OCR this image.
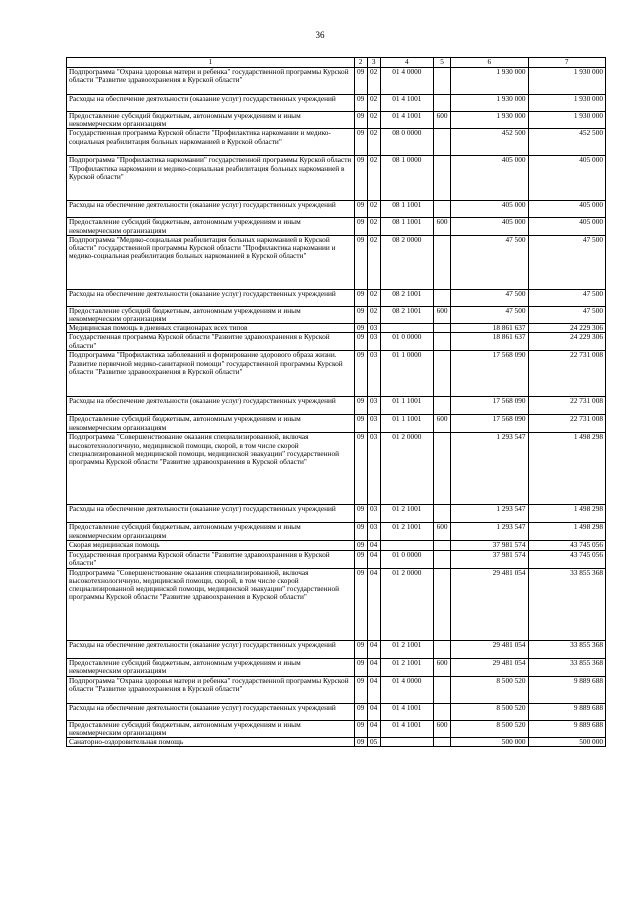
36
1	2	3	4	5	6	7
Подпрограмма "Охрана здоровья матери и ребенка" государственной программы Курской области "Развитие здравоохранения в Курской области"	09	02	01 4 0000		1 930 000	1 930 000
Расходы на обеспечение деятельности (оказание услуг) государственных учреждений	09	02	01 4 1001		1 930 000	1 930 000
Предоставление субсидий бюджетным, автономным учреждениям и иным некоммерческим организациям	09	02	01 4 1001	600	1 930 000	1 930 000
Государственная программа Курской области "Профилактика наркомании и медико-социальная реабилитация больных наркоманией в Курской области"	09	02	08 0 0000		452 500	452 500
Подпрограмма "Профилактика наркомании" государственной программы Курской области "Профилактика наркомании и медико-социальная реабилитация больных наркоманией в Курской области"	09	02	08 1 0000		405 000	405 000
Расходы на обеспечение деятельности (оказание услуг) государственных учреждений	09	02	08 1 1001		405 000	405 000
Предоставление субсидий бюджетным, автономным учреждениям и иным некоммерческим организациям	09	02	08 1 1001	600	405 000	405 000
Подпрограмма "Медико-социальная реабилитация больных наркоманией в Курской области" государственной программы Курской области "Профилактика наркомании и медико-социальная реабилитация больных наркоманией в Курской области"	09	02	08 2 0000		47 500	47 500
Расходы на обеспечение деятельности (оказание услуг) государственных учреждений	09	02	08 2 1001		47 500	47 500
Предоставление субсидий бюджетным, автономным учреждениям и иным некоммерческим организациям	09	02	08 2 1001	600	47 500	47 500
Медицинская помощь в дневных стационарах всех типов	09	03			18 861 637	24 229 306
Государственная программа Курской области "Развитие здравоохранения в Курской области"	09	03	01 0 0000		18 861 637	24 229 306
Подпрограмма "Профилактика заболеваний и формирование здорового образа жизни. Развитие первичной медико-санитарной помощи" государственной программы Курской области "Развитие здравоохранения в Курской области"	09	03	01 1 0000		17 568 090	22 731 008
Расходы на обеспечение деятельности (оказание услуг) государственных учреждений	09	03	01 1 1001		17 568 090	22 731 008
Предоставление субсидий бюджетным, автономным учреждениям и иным некоммерческим организациям	09	03	01 1 1001	600	17 568 090	22 731 008
Подпрограмма "Совершенствование оказания специализированной, включая высокотехнологичную, медицинской помощи, скорой, в том числе скорой специализированной медицинской помощи, медицинской эвакуации" государственной программы Курской области "Развитие здравоохранения в Курской области"	09	03	01 2 0000		1 293 547	1 498 298
Расходы на обеспечение деятельности (оказание услуг) государственных учреждений	09	03	01 2 1001		1 293 547	1 498 298
Предоставление субсидий бюджетным, автономным учреждениям и иным некоммерческим организациям	09	03	01 2 1001	600	1 293 547	1 498 298
Скорая медицинская помощь	09	04			37 981 574	43 745 056
Государственная программа Курской области "Развитие здравоохранения в Курской области"	09	04	01 0 0000		37 981 574	43 745 056
Подпрограмма "Совершенствование оказания специализированной, включая высокотехнологичную, медицинской помощи, скорой, в том числе скорой специализированной медицинской помощи, медицинской эвакуации" государственной программы Курской области "Развитие здравоохранения в Курской области"	09	04	01 2 0000		29 481 054	33 855 368
Расходы на обеспечение деятельности (оказание услуг) государственных учреждений	09	04	01 2 1001		29 481 054	33 855 368
Предоставление субсидий бюджетным, автономным учреждениям и иным некоммерческим организациям	09	04	01 2 1001	600	29 481 054	33 855 368
Подпрограмма "Охрана здоровья матери и ребенка" государственной программы Курской области "Развитие здравоохранения в Курской области"	09	04	01 4 0000		8 500 520	9 889 688
Расходы на обеспечение деятельности (оказание услуг) государственных учреждений	09	04	01 4 1001		8 500 520	9 889 688
Предоставление субсидий бюджетным, автономным учреждениям и иным некоммерческим организациям	09	04	01 4 1001	600	8 500 520	9 889 688
Санаторно-оздоровительная помощь	09	05			500 000	500 000
